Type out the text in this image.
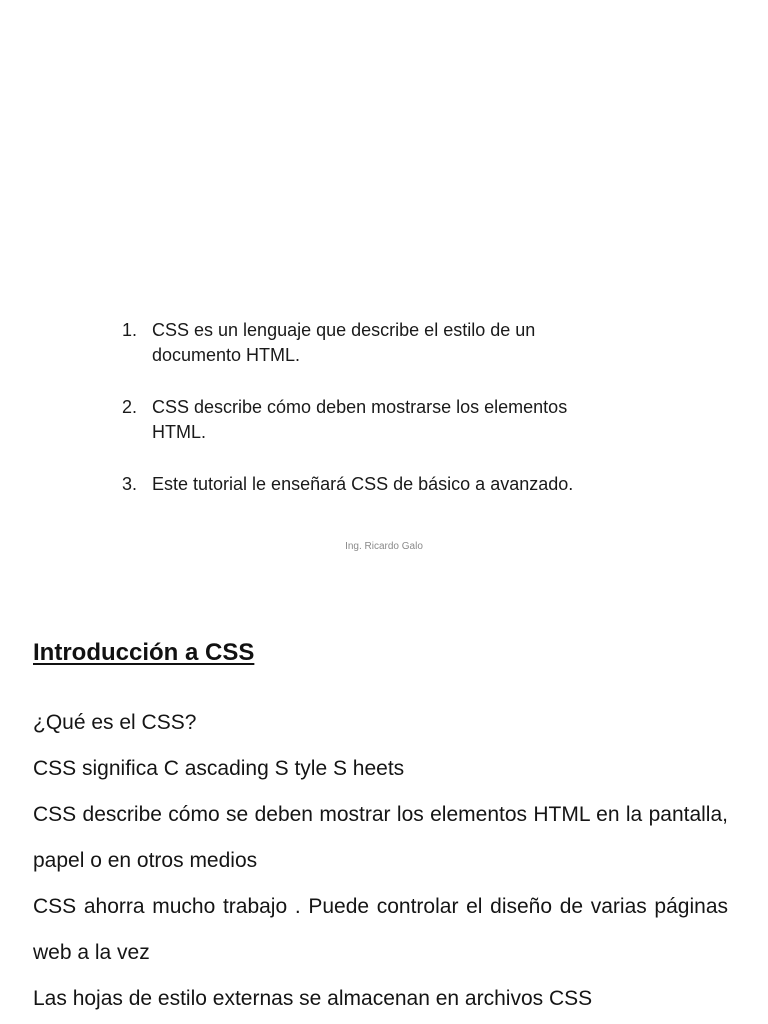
1. CSS es un lenguaje que describe el estilo de un documento HTML.
2. CSS describe cómo deben mostrarse los elementos HTML.
3. Este tutorial le enseñará CSS de básico a avanzado.
Ing. Ricardo Galo
Introducción a CSS

¿Qué es el CSS?

CSS significa C ascading S tyle S heets

CSS describe cómo se deben mostrar los elementos HTML en la pantalla, papel o en otros medios

CSS ahorra mucho trabajo . Puede controlar el diseño de varias páginas web a la vez

Las hojas de estilo externas se almacenan en archivos CSS
